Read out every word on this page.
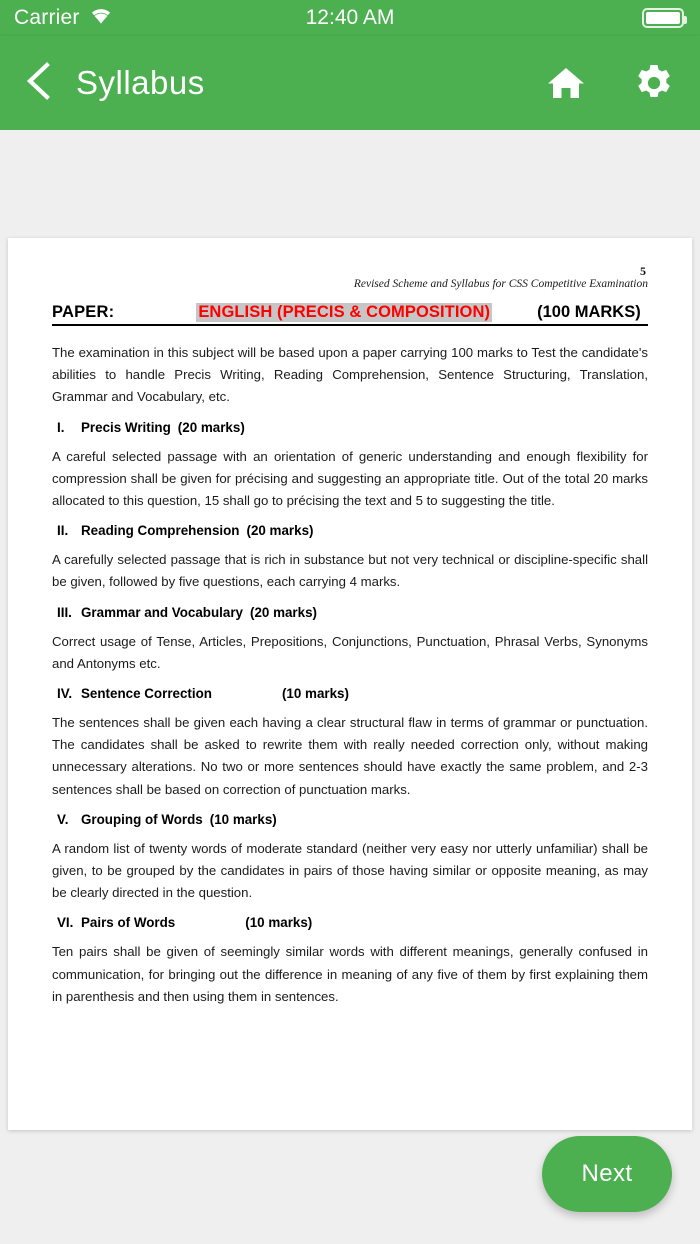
Carrier	12:40 AM
Syllabus
5
Revised Scheme and Syllabus for CSS Competitive Examination
PAPER:	ENGLISH (PRECIS & COMPOSITION)	(100 MARKS)

The examination in this subject will be based upon a paper carrying 100 marks to Test the candidate's abilities to handle Precis Writing, Reading Comprehension, Sentence Structuring, Translation, Grammar and Vocabulary, etc.

I.	Precis Writing (20 marks)

A careful selected passage with an orientation of generic understanding and enough flexibility for compression shall be given for précising and suggesting an appropriate title. Out of the total 20 marks allocated to this question, 15 shall go to précising the text and 5 to suggesting the title.

II. Reading Comprehension
(20 marks)

A carefully selected passage that is rich in substance but not very technical or discipline-specific shall be given, followed by five questions, each carrying 4 marks.

III. Grammar and Vocabulary (20 marks)

Correct usage of Tense, Articles, Prepositions, Conjunctions, Punctuation, Phrasal Verbs, Synonyms and Antonyms etc.

IV. Sentence Correction	(10 marks)

The sentences shall be given each having a clear structural flaw in terms of grammar or punctuation. The candidates shall be asked to rewrite them with really needed correction only, without making unnecessary alterations. No two or more sentences should have exactly the same problem, and 2-3 sentences shall be based on correction of punctuation marks.

V. Grouping of Words (10 marks)

A random list of twenty words of moderate standard (neither very easy nor utterly unfamiliar) shall be given, to be grouped by the candidates in pairs of those having similar or opposite meaning, as may be clearly directed in the question.

VI. Pairs of Words	(10 marks)

Ten pairs shall be given of seemingly similar words with different meanings, generally confused in communication, for bringing out the difference in meaning of any five of them by first explaining them in parenthesis and then using them in sentences.

Next
